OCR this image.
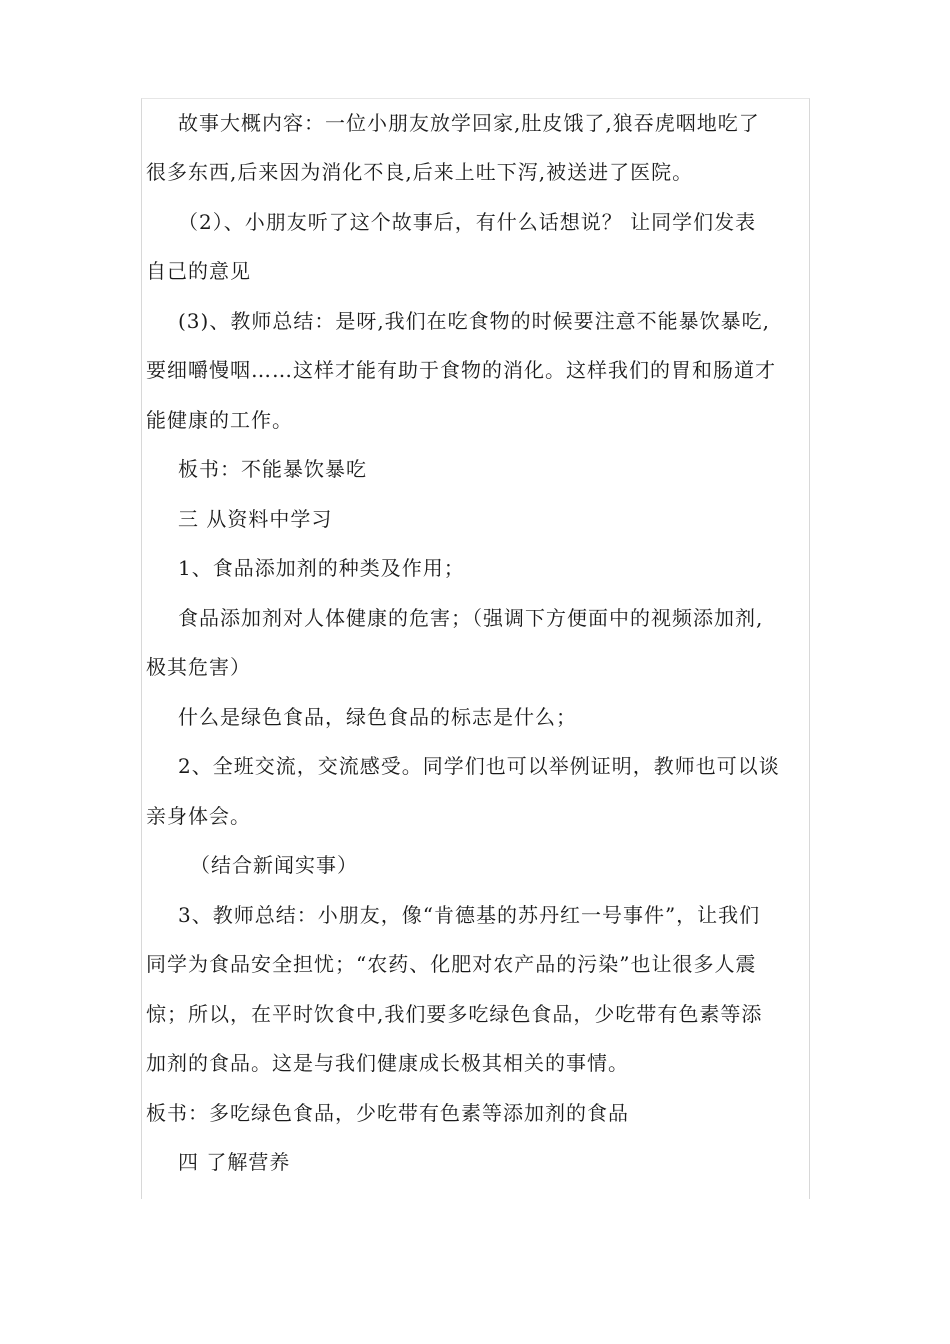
故事大概内容：一位小朋友放学回家,肚皮饿了,狼吞虎咽地吃了
很多东西,后来因为消化不良,后来上吐下泻,被送进了医院。
（2）、小朋友听了这个故事后，有什么话想说？ 让同学们发表
自己的意见
(3)、教师总结：是呀,我们在吃食物的时候要注意不能暴饮暴吃,
要细嚼慢咽……这样才能有助于食物的消化。这样我们的胃和肠道才
能健康的工作。
板书：不能暴饮暴吃
三 从资料中学习
1、食品添加剂的种类及作用；
食品添加剂对人体健康的危害；（强调下方便面中的视频添加剂,
极其危害）
什么是绿色食品，绿色食品的标志是什么；
2、全班交流，交流感受。同学们也可以举例证明，教师也可以谈
亲身体会。
（结合新闻实事）
3、教师总结：小朋友，像“肯德基的苏丹红一号事件”，让我们
同学为食品安全担忧；“农药、化肥对农产品的污染”也让很多人震
惊；所以，在平时饮食中,我们要多吃绿色食品，少吃带有色素等添
加剂的食品。这是与我们健康成长极其相关的事情。
板书：多吃绿色食品，少吃带有色素等添加剂的食品
四 了解营养
